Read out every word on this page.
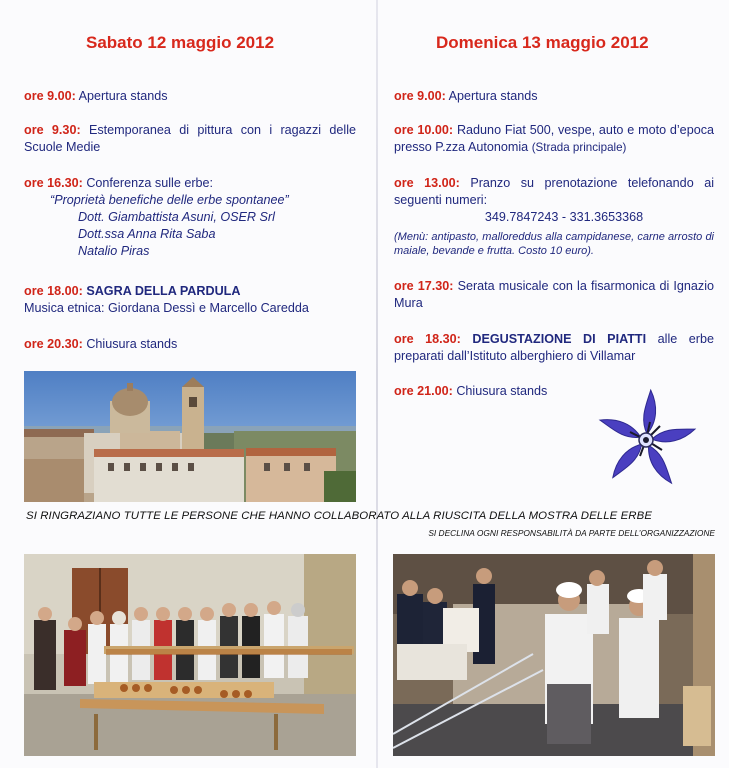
Sabato 12 maggio 2012
ore 9.00: Apertura stands
ore 9.30: Estemporanea di pittura con i ragazzi delle Scuole Medie
ore 16.30: Conferenza sulle erbe:
“Proprietà benefiche delle erbe spontanee”
Dott. Giambattista Asuni, OSER Srl
Dott.ssa Anna Rita Saba
Natalio Piras
ore 18.00: SAGRA DELLA PARDULA
Musica etnica: Giordana Dessì e Marcello Caredda
ore 20.30: Chiusura stands
Domenica 13 maggio 2012
ore 9.00: Apertura stands
ore 10.00: Raduno Fiat 500, vespe, auto e moto d’epoca presso P.zza Autonomia (Strada principale)
ore 13.00: Pranzo su prenotazione telefonando ai seguenti numeri:
349.7847243 - 331.3653368
(Menù: antipasto, malloreddus alla campidanese, carne arrosto di maiale, bevande e frutta. Costo 10 euro).
ore 17.30: Serata musicale con la fisarmonica di Ignazio Mura
ore 18.30: DEGUSTAZIONE DI PIATTI alle erbe preparati dall’Istituto alberghiero di Villamar
ore 21.00: Chiusura stands
SI RINGRAZIANO TUTTE LE PERSONE CHE HANNO COLLABORATO ALLA RIUSCITA DELLA MOSTRA DELLE ERBE
SI DECLINA OGNI RESPONSABILITÀ DA PARTE DELL’ORGANIZZAZIONE
